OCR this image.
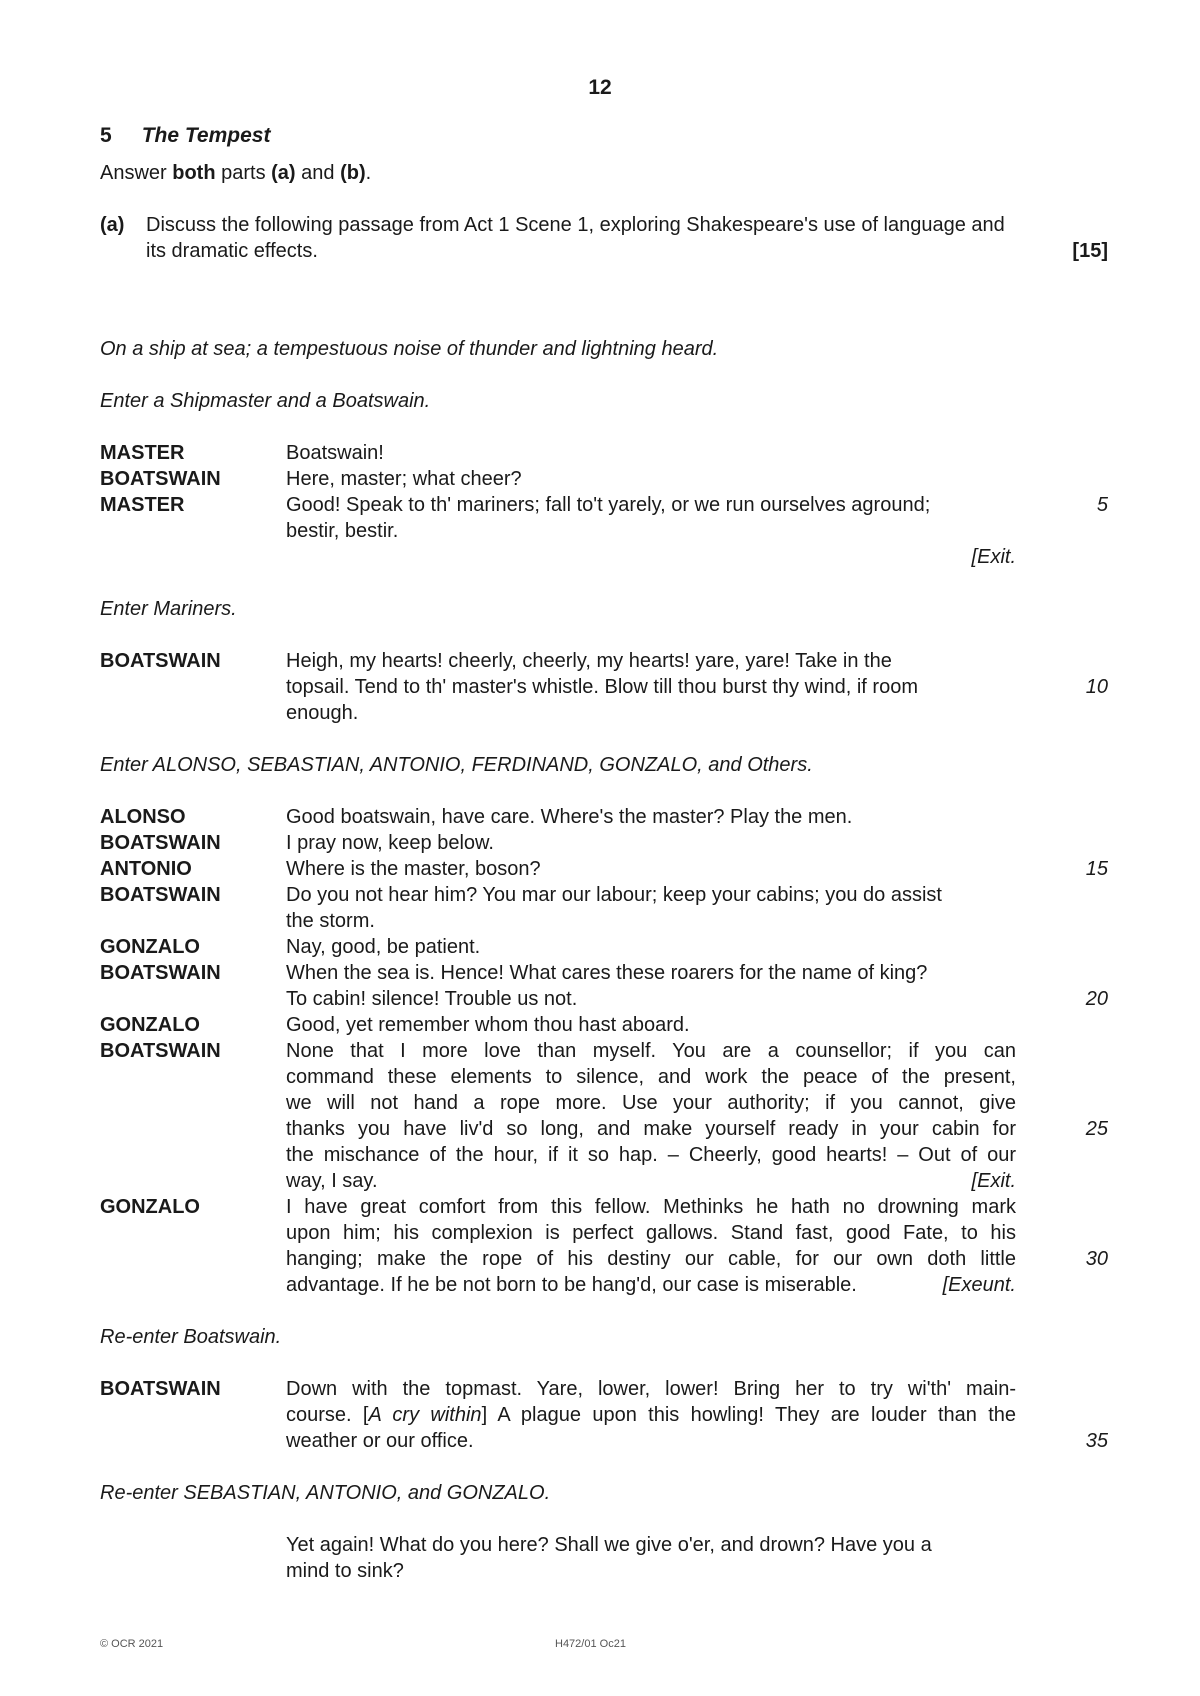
12
5 The Tempest
Answer both parts (a) and (b).
(a) Discuss the following passage from Act 1 Scene 1, exploring Shakespeare's use of language and
its dramatic effects.	[15]
On a ship at sea; a tempestuous noise of thunder and lightning heard.
Enter a Shipmaster and a Boatswain.
MASTER	Boatswain!
BOATSWAIN	Here, master; what cheer?
MASTER	Good! Speak to th' mariners; fall to't yarely, or we run ourselves aground;	5
bestir, bestir.
[Exit.
Enter Mariners.
BOATSWAIN	Heigh, my hearts! cheerly, cheerly, my hearts! yare, yare! Take in the
topsail. Tend to th' master's whistle. Blow till thou burst thy wind, if room	10
enough.
Enter ALONSO, SEBASTIAN, ANTONIO, FERDINAND, GONZALO, and Others.
ALONSO	Good boatswain, have care. Where's the master? Play the men.
BOATSWAIN	I pray now, keep below.
ANTONIO	Where is the master, boson?	15
BOATSWAIN	Do you not hear him? You mar our labour; keep your cabins; you do assist
the storm.
GONZALO	Nay, good, be patient.
BOATSWAIN	When the sea is. Hence! What cares these roarers for the name of king?
To cabin! silence! Trouble us not.	20
GONZALO	Good, yet remember whom thou hast aboard.
BOATSWAIN	None that I more love than myself. You are a counsellor; if you can
command these elements to silence, and work the peace of the present,
we will not hand a rope more. Use your authority; if you cannot, give
thanks you have liv'd so long, and make yourself ready in your cabin for	25
the mischance of the hour, if it so hap. – Cheerly, good hearts! – Out of our
way, I say.	[Exit.
GONZALO	I have great comfort from this fellow. Methinks he hath no drowning mark
upon him; his complexion is perfect gallows. Stand fast, good Fate, to his
hanging; make the rope of his destiny our cable, for our own doth little	30
advantage. If he be not born to be hang'd, our case is miserable.	[Exeunt.
Re-enter Boatswain.
BOATSWAIN	Down with the topmast. Yare, lower, lower! Bring her to try wi'th' main-
course. [A cry within] A plague upon this howling! They are louder than the
weather or our office.	35
Re-enter SEBASTIAN, ANTONIO, and GONZALO.
Yet again! What do you here? Shall we give o'er, and drown? Have you a
mind to sink?
© OCR 2021	H472/01 Oc21
